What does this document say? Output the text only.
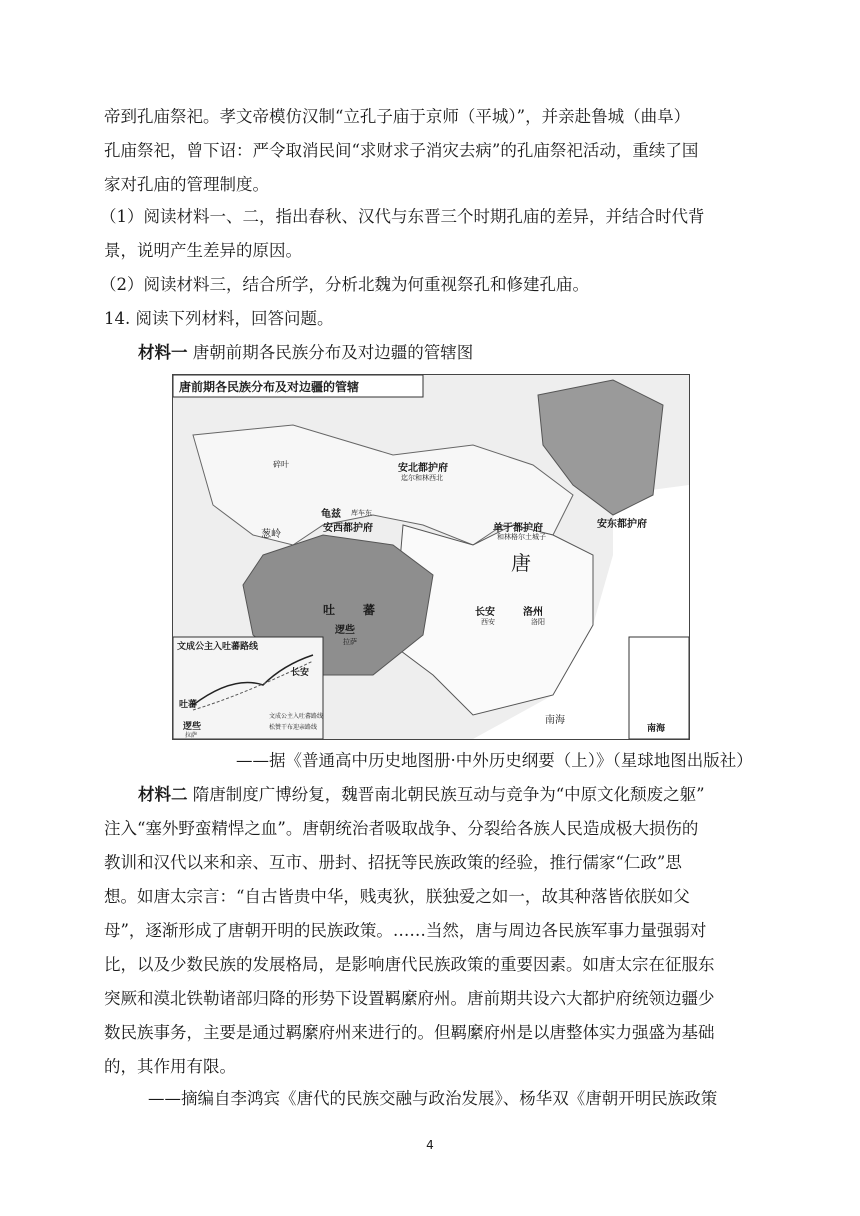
帝到孔庙祭祀。孝文帝模仿汉制“立孔子庙于京师（平城）”，并亲赴鲁城（曲阜）
孔庙祭祀，曾下诏：严令取消民间“求财求子消灾去病”的孔庙祭祀活动，重续了国
家对孔庙的管理制度。
（1）阅读材料一、二，指出春秋、汉代与东晋三个时期孔庙的差异，并结合时代背
景，说明产生差异的原因。
（2）阅读材料三，结合所学，分析北魏为何重视祭孔和修建孔庙。
14. 阅读下列材料，回答问题。
材料一 唐朝前期各民族分布及对边疆的管辖图
唐前期各民族分布及对边疆的管辖
安北都护府
迄尔和林西北
龟兹 库车东
安西都护府
葱岭
碎叶
单于都护府
和林格尔土城子
安东都护府
唐
长安
西安
洛州
洛阳
吐蕃
逻些
拉萨
南海
文成公主入吐蕃路线
长安
吐蕃
逻些
拉萨
文成公主入吐蕃路线
松赞干布迎亲路线	南海
——据《普通高中历史地图册·中外历史纲要（上）》（星球地图出版社）
材料二 隋唐制度广博纷复，魏晋南北朝民族互动与竞争为“中原文化颓废之躯”
注入“塞外野蛮精悍之血”。唐朝统治者吸取战争、分裂给各族人民造成极大损伤的
教训和汉代以来和亲、互市、册封、招抚等民族政策的经验，推行儒家“仁政”思
想。如唐太宗言：“自古皆贵中华，贱夷狄，朕独爱之如一，故其种落皆依朕如父
母”，逐渐形成了唐朝开明的民族政策。……当然，唐与周边各民族军事力量强弱对
比，以及少数民族的发展格局，是影响唐代民族政策的重要因素。如唐太宗在征服东
突厥和漠北铁勒诸部归降的形势下设置羁縻府州。唐前期共设六大都护府统领边疆少
数民族事务，主要是通过羁縻府州来进行的。但羁縻府州是以唐整体实力强盛为基础
的，其作用有限。
——摘编自李鸿宾《唐代的民族交融与政治发展》、杨华双《唐朝开明民族政策
4
